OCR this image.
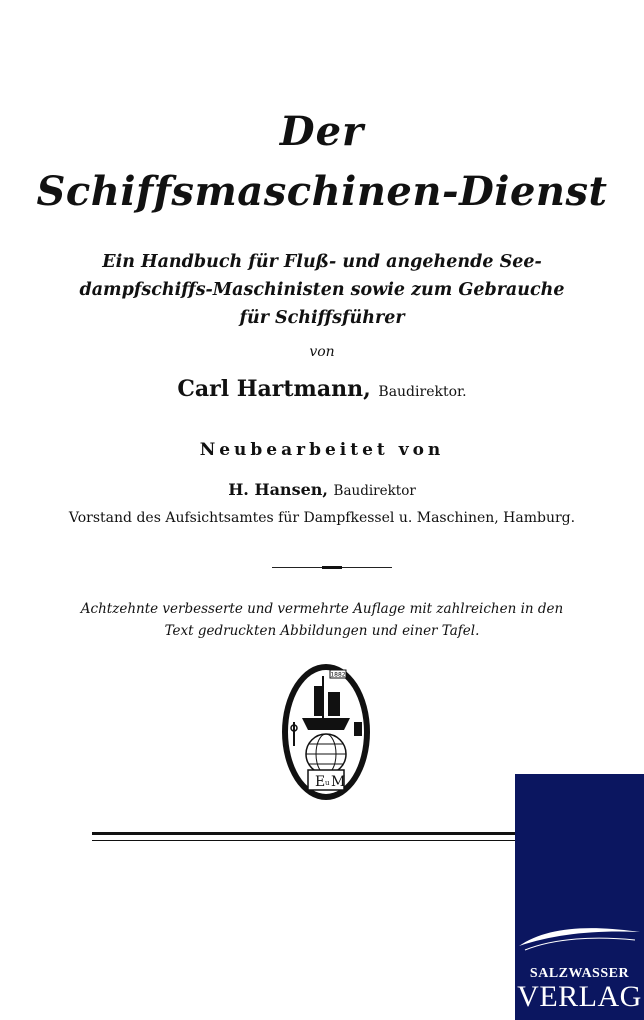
Der
Schiffsmaschinen-Dienst
Ein Handbuch für Fluß- und angehende See-dampfschiffs-Maschinisten sowie zum Gebrauche für Schiffsführer
von
Carl Hartmann, Baudirektor.
Neubearbeitet von
H. Hansen, Baudirektor
Vorstand des Aufsichtsamtes für Dampfkessel u. Maschinen, Hamburg.
Achtzehnte verbesserte und vermehrte Auflage mit zahlreichen in den Text gedruckten Abbildungen und einer Tafel.
1882
E u M
SALZWASSER
VERLAG
